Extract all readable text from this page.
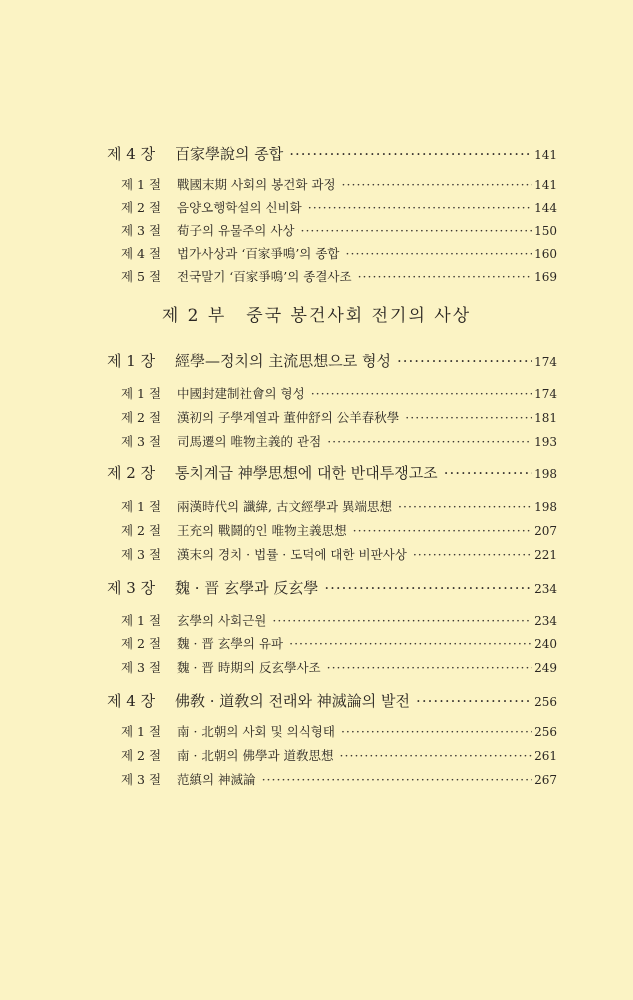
제 4 장	百家學說의 종합 ·····	141
제 1 절	戰國末期 사회의 봉건화 과정 ·····	141
제 2 절	음양오행학설의 신비화 ·····	144
제 3 절	荀子의 유물주의 사상 ·····	150
제 4 절	법가사상과 ‘百家爭鳴’의 종합 ·····	160
제 5 절	전국말기 ‘百家爭鳴’의 종결사조 ·····	169
제 2 부 중국 봉건사회 전기의 사상
제 1 장	經學—정치의 主流思想으로 형성 ·····	174
제 1 절	中國封建制社會의 형성 ·····	174
제 2 절	漢初의 子學계열과 董仲舒의 公羊春秋學 ·····	181
제 3 절	司馬遷의 唯物主義的 관점 ·····	193
제 2 장	통치계급 神學思想에 대한 반대투쟁고조 ·····	198
제 1 절	兩漢時代의 讖緯, 古文經學과 異端思想 ·····	198
제 2 절	王充의 戰鬪的인 唯物主義思想 ·····	207
제 3 절	漢末의 경치 · 법률 · 도덕에 대한 비판사상 ·····	221
제 3 장	魏 · 晋 玄學과 反玄學 ·····	234
제 1 절	玄學의 사회근원 ·····	234
제 2 절	魏 · 晋 玄學의 유파 ·····	240
제 3 절	魏 · 晋 時期의 反玄學사조 ·····	249
제 4 장	佛敎 · 道敎의 전래와 神滅論의 발전 ·····	256
제 1 절	南 · 北朝의 사회 및 의식형태 ·····	256
제 2 절	南 · 北朝의 佛學과 道敎思想 ·····	261
제 3 절	范縝의 神滅論 ·····	267
